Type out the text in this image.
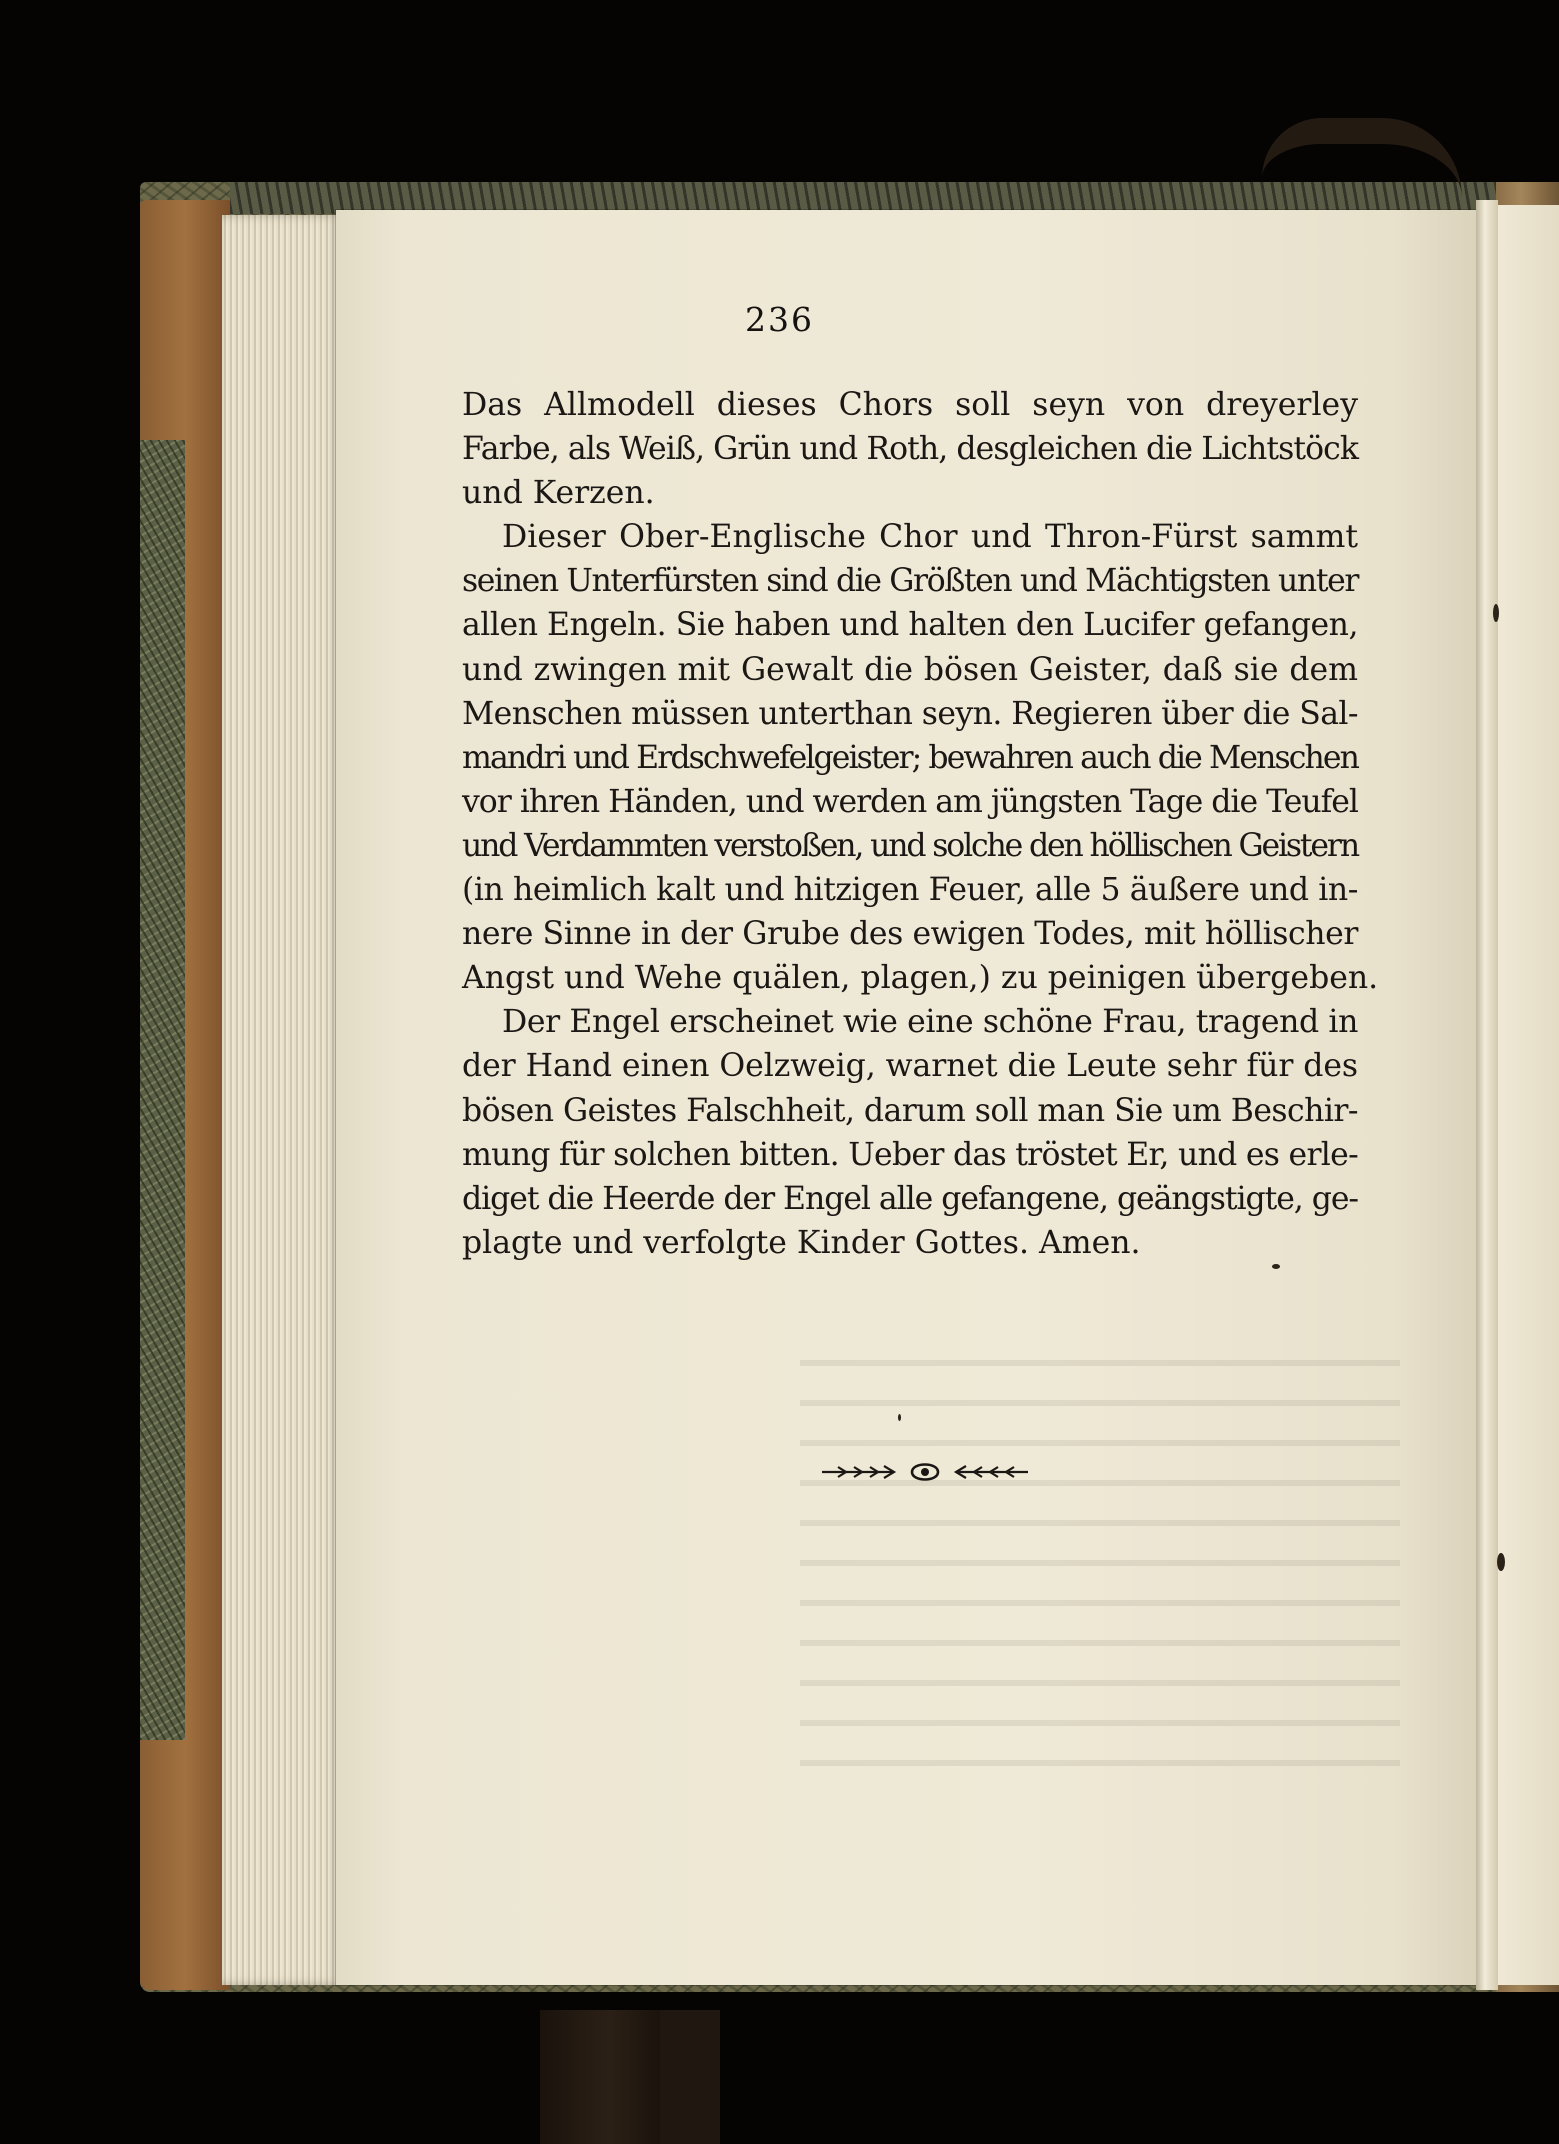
236

Das Allmodell dieses Chors soll seyn von dreyerley
Farbe, als Weiß, Grün und Roth, desgleichen die Lichtstöck
und Kerzen.

Dieser Ober-Englische Chor und Thron-Fürst sammt
seinen Unterfürsten sind die Größten und Mächtigsten unter
allen Engeln. Sie haben und halten den Lucifer gefangen,
und zwingen mit Gewalt die bösen Geister, daß sie dem
Menschen müssen unterthan seyn. Regieren über die Sal-
mandri und Erdschwefelgeister; bewahren auch die Menschen
vor ihren Händen, und werden am jüngsten Tage die Teufel
und Verdammten verstoßen, und solche den höllischen Geistern
(in heimlich kalt und hitzigen Feuer, alle 5 äußere und in-
nere Sinne in der Grube des ewigen Todes, mit höllischer
Angst und Wehe quälen, plagen,) zu peinigen übergeben.

Der Engel erscheinet wie eine schöne Frau, tragend in
der Hand einen Oelzweig, warnet die Leute sehr für des
bösen Geistes Falschheit, darum soll man Sie um Beschir-
mung für solchen bitten. Ueber das tröstet Er, und es erle-
diget die Heerde der Engel alle gefangene, geängstigte, ge-
plagte und verfolgte Kinder Gottes. Amen.
